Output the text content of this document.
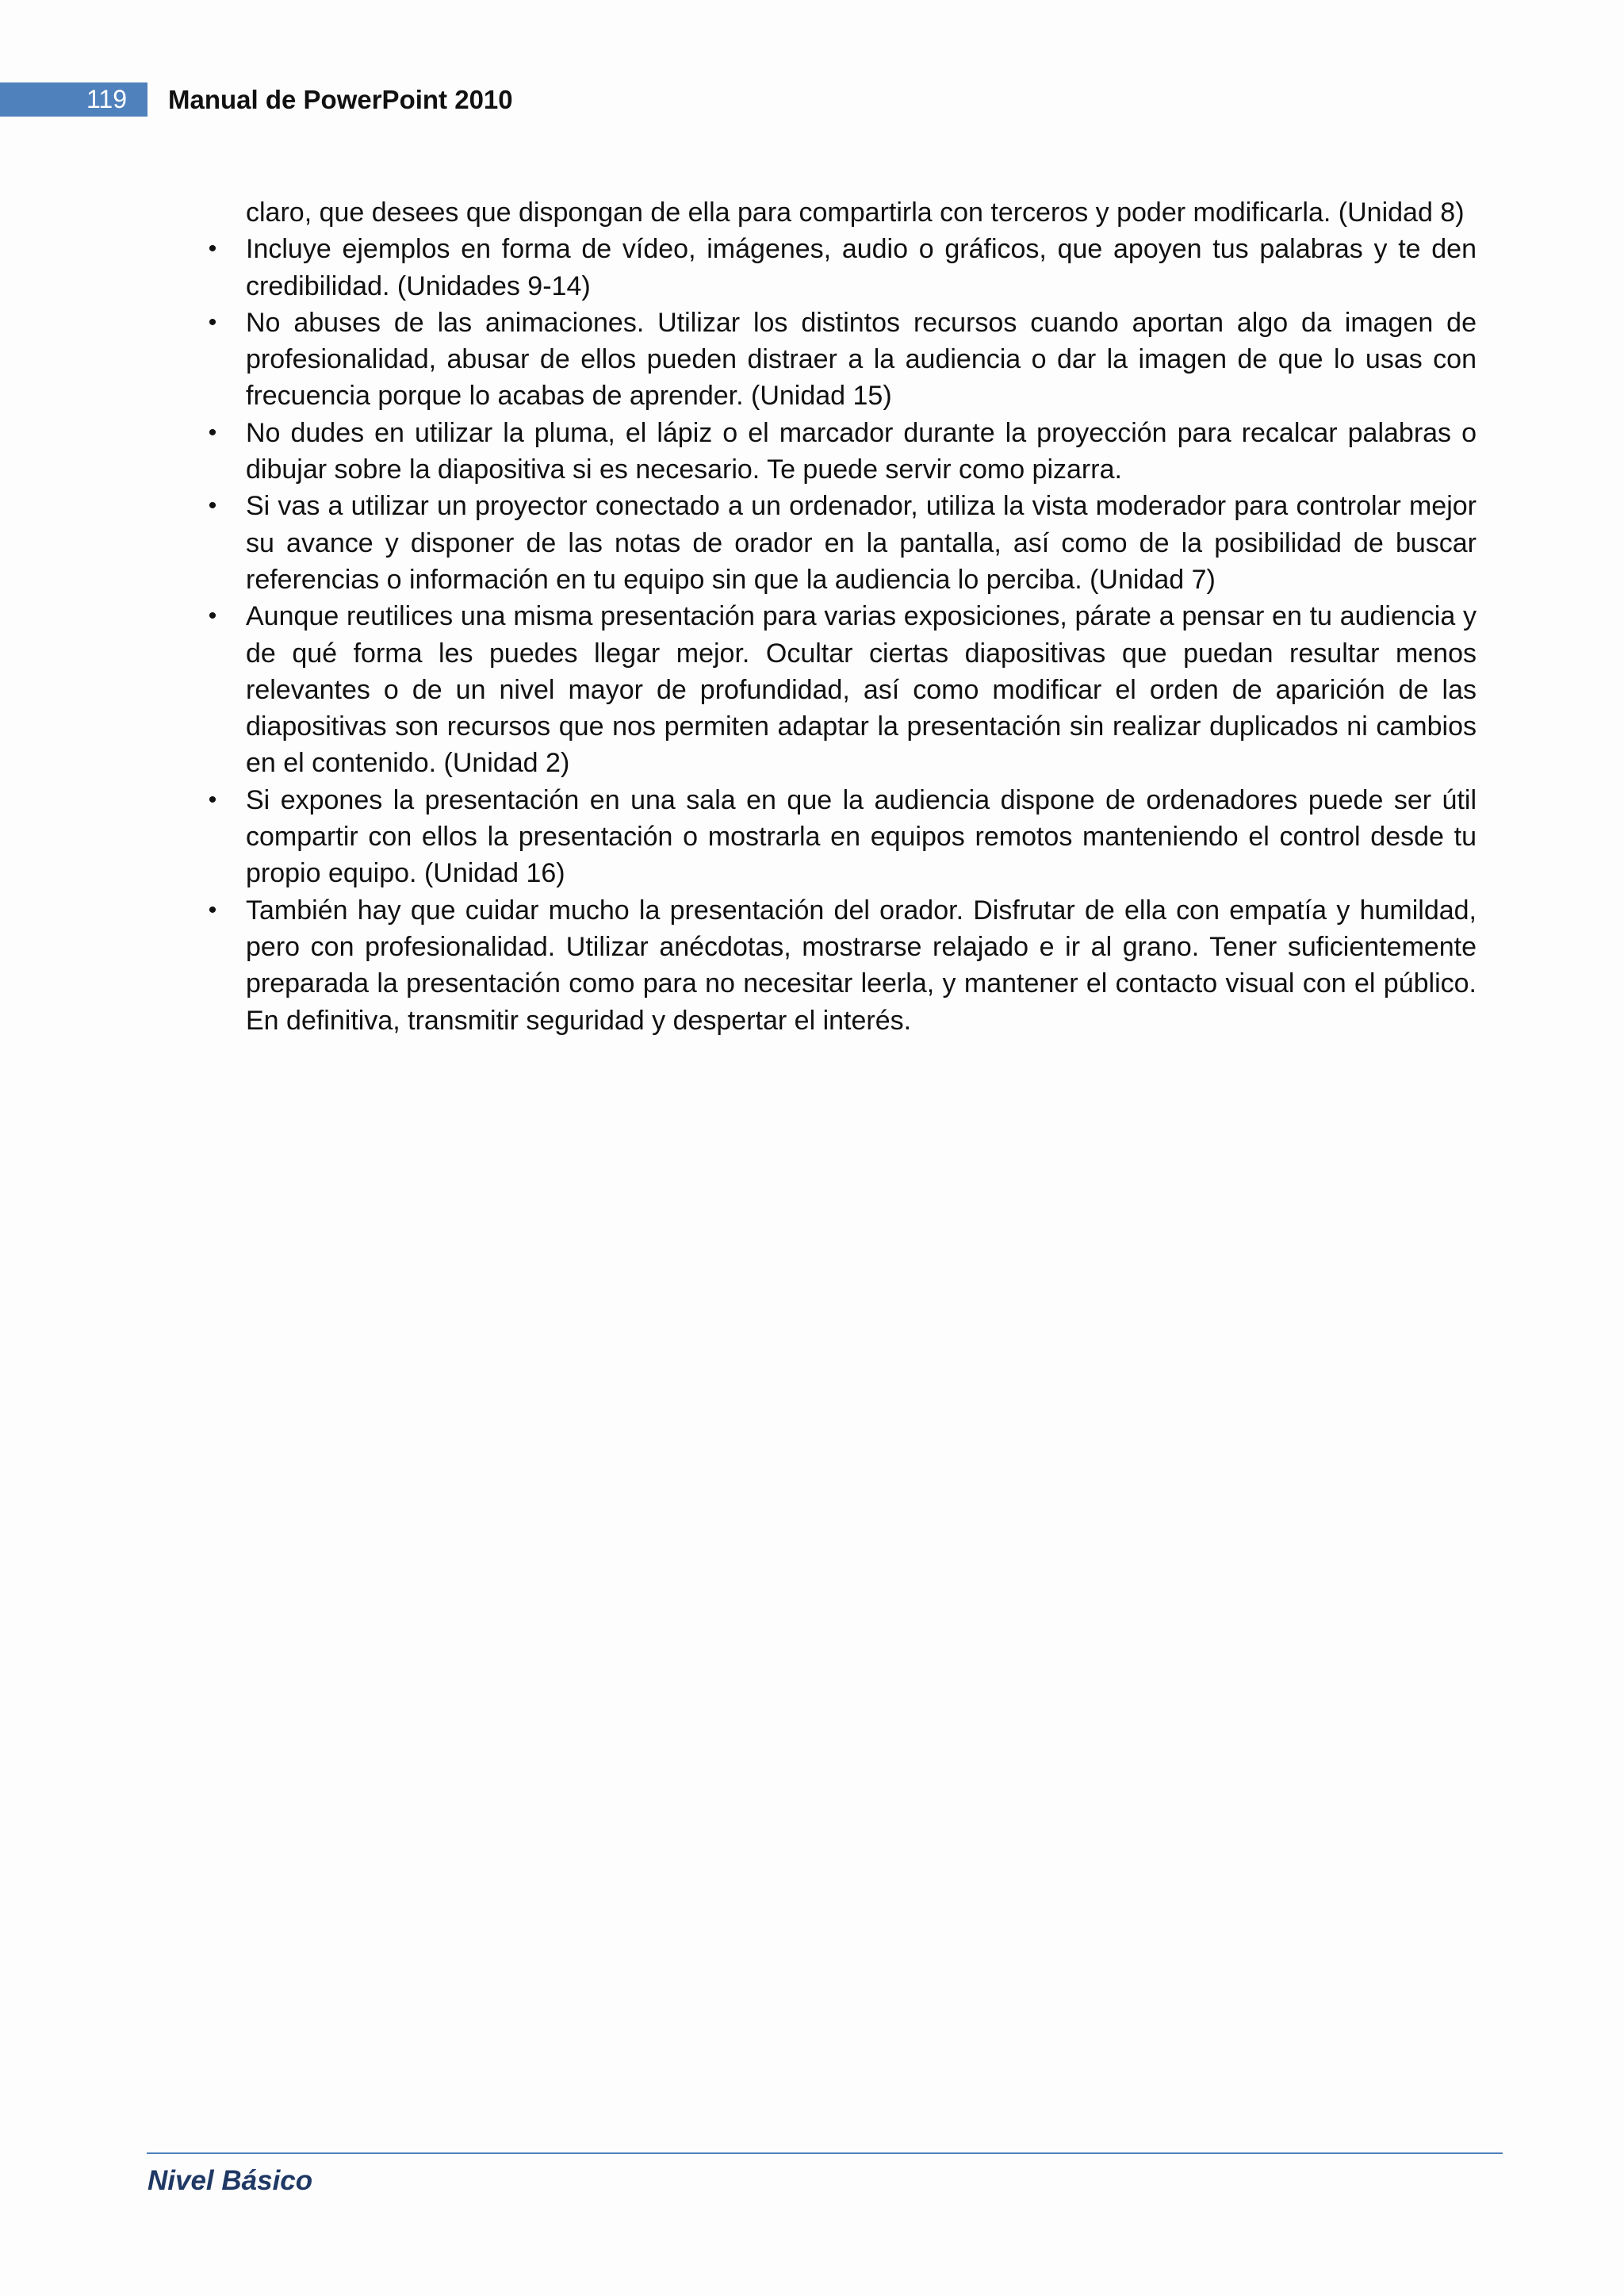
119	Manual de PowerPoint 2010

claro, que desees que dispongan de ella para compartirla con terceros y poder modificarla. (Unidad 8)

• Incluye ejemplos en forma de vídeo, imágenes, audio o gráficos, que apoyen tus palabras y te den credibilidad. (Unidades 9-14)
• No abuses de las animaciones. Utilizar los distintos recursos cuando aportan algo da imagen de profesionalidad, abusar de ellos pueden distraer a la audiencia o dar la imagen de que lo usas con frecuencia porque lo acabas de aprender. (Unidad 15)
• No dudes en utilizar la pluma, el lápiz o el marcador durante la proyección para recalcar palabras o dibujar sobre la diapositiva si es necesario. Te puede servir como pizarra.
• Si vas a utilizar un proyector conectado a un ordenador, utiliza la vista moderador para controlar mejor su avance y disponer de las notas de orador en la pantalla, así como de la posibilidad de buscar referencias o información en tu equipo sin que la audiencia lo perciba. (Unidad 7)
• Aunque reutilices una misma presentación para varias exposiciones, párate a pensar en tu audiencia y de qué forma les puedes llegar mejor. Ocultar ciertas diapositivas que puedan resultar menos relevantes o de un nivel mayor de profundidad, así como modificar el orden de aparición de las diapositivas son recursos que nos permiten adaptar la presentación sin realizar duplicados ni cambios en el contenido. (Unidad 2)
• Si expones la presentación en una sala en que la audiencia dispone de ordenadores puede ser útil compartir con ellos la presentación o mostrarla en equipos remotos manteniendo el control desde tu propio equipo. (Unidad 16)
• También hay que cuidar mucho la presentación del orador. Disfrutar de ella con empatía y humildad, pero con profesionalidad. Utilizar anécdotas, mostrarse relajado e ir al grano. Tener suficientemente preparada la presentación como para no necesitar leerla, y mantener el contacto visual con el público. En definitiva, transmitir seguridad y despertar el interés.
Nivel Básico
